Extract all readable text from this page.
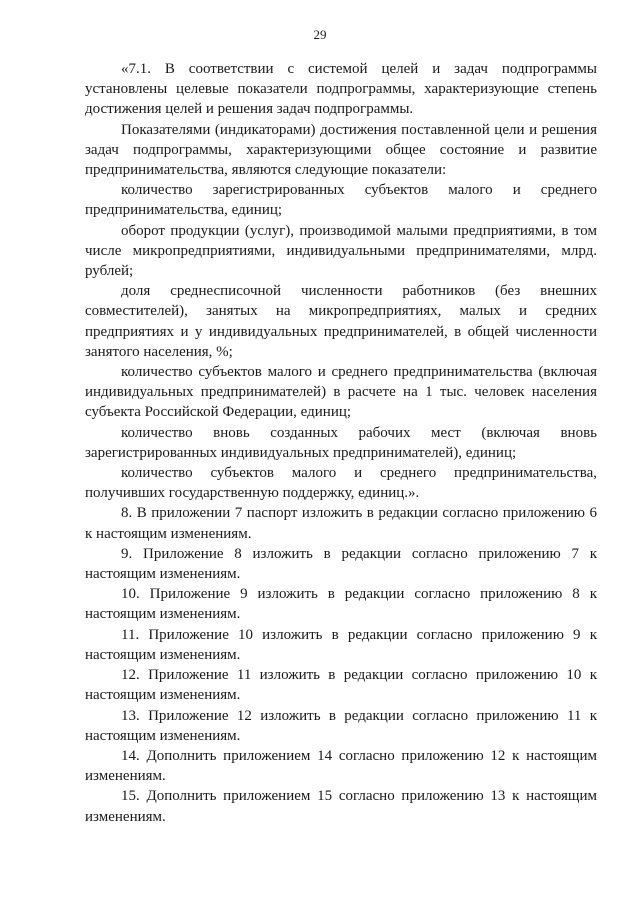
29

«7.1. В соответствии с системой целей и задач подпрограммы установлены целевые показатели подпрограммы, характеризующие степень достижения целей и решения задач подпрограммы.

Показателями (индикаторами) достижения поставленной цели и решения задач подпрограммы, характеризующими общее состояние и развитие предпринимательства, являются следующие показатели:

количество зарегистрированных субъектов малого и среднего предпринимательства, единиц;

оборот продукции (услуг), производимой малыми предприятиями, в том числе микропредприятиями, индивидуальными предпринимателями, млрд. рублей;

доля среднесписочной численности работников (без внешних совместителей), занятых на микропредприятиях, малых и средних предприятиях и у индивидуальных предпринимателей, в общей численности занятого населения, %;

количество субъектов малого и среднего предпринимательства (включая индивидуальных предпринимателей) в расчете на 1 тыс. человек населения субъекта Российской Федерации, единиц;

количество вновь созданных рабочих мест (включая вновь зарегистрированных индивидуальных предпринимателей), единиц;

количество субъектов малого и среднего предпринимательства, получивших государственную поддержку, единиц.».

8. В приложении 7 паспорт изложить в редакции согласно приложению 6 к настоящим изменениям.

9. Приложение 8 изложить в редакции согласно приложению 7 к настоящим изменениям.

10. Приложение 9 изложить в редакции согласно приложению 8 к настоящим изменениям.

11. Приложение 10 изложить в редакции согласно приложению 9 к настоящим изменениям.

12. Приложение 11 изложить в редакции согласно приложению 10 к настоящим изменениям.

13. Приложение 12 изложить в редакции согласно приложению 11 к настоящим изменениям.

14. Дополнить приложением 14 согласно приложению 12 к настоящим изменениям.

15. Дополнить приложением 15 согласно приложению 13 к настоящим изменениям.
